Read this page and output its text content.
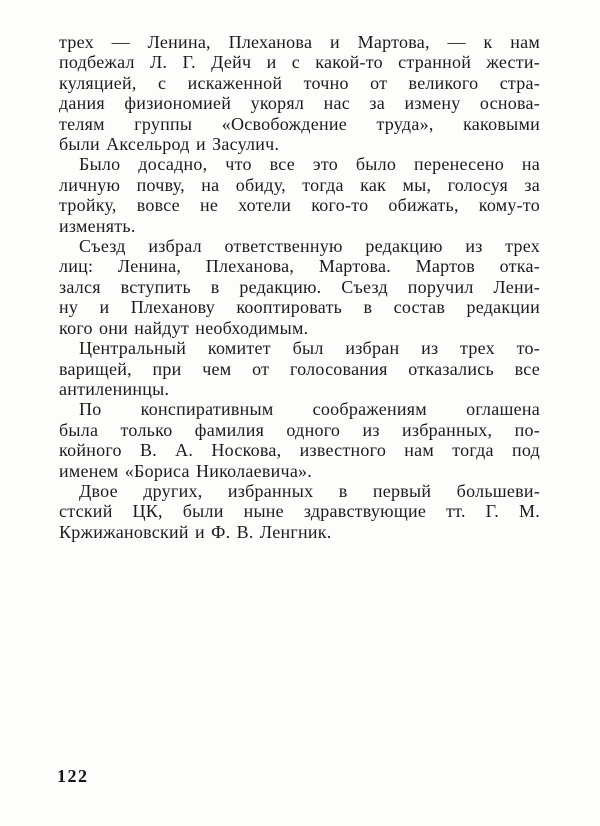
трех — Ленина, Плеханова и Мартова, — к нам
подбежал Л. Г. Дейч и с какой-то странной жести-
куляцией, с искаженной точно от великого стра-
дания физиономией укорял нас за измену основа-
телям группы «Освобождение труда», каковыми
были Аксельрод и Засулич.
Было досадно, что все это было перенесено на
личную почву, на обиду, тогда как мы, голосуя за
тройку, вовсе не хотели кого-то обижать, кому-то
изменять.
Съезд избрал ответственную редакцию из трех
лиц: Ленина, Плеханова, Мартова. Мартов отка-
зался вступить в редакцию. Съезд поручил Лени-
ну и Плеханову кооптировать в состав редакции
кого они найдут необходимым.
Центральный комитет был избран из трех то-
варищей, при чем от голосования отказались все
антиленинцы.
По конспиративным соображениям оглашена
была только фамилия одного из избранных, по-
койного В. А. Носкова, известного нам тогда под
именем «Бориса Николаевича».
Двое других, избранных в первый большеви-
стский ЦК, были ныне здравствующие тт. Г. М.
Кржижановский и Ф. В. Ленгник.
122
